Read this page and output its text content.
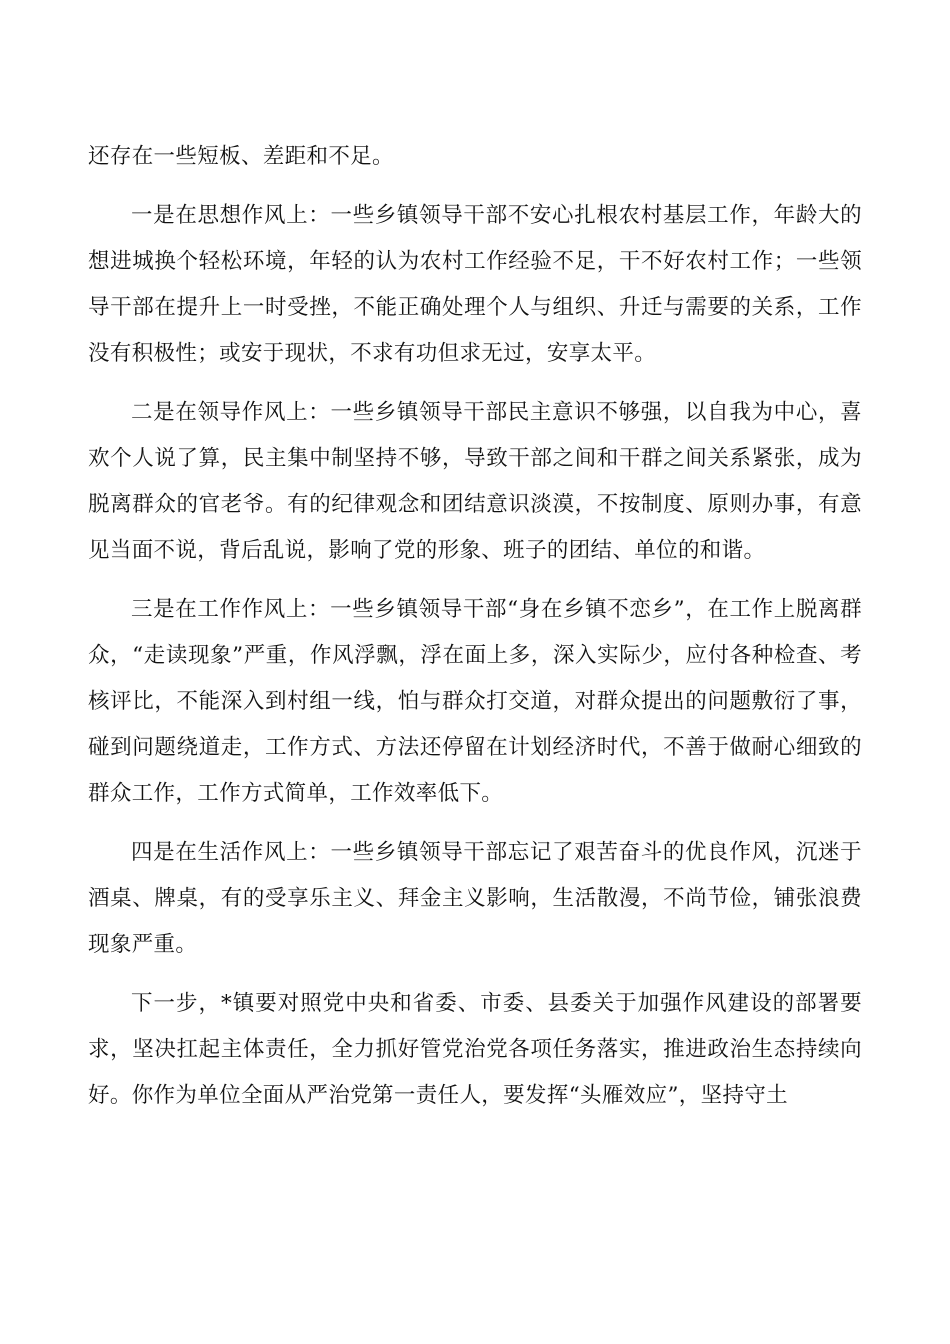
还存在一些短板、差距和不足。

一是在思想作风上：一些乡镇领导干部不安心扎根农村基层工作，年龄大的想进城换个轻松环境，年轻的认为农村工作经验不足，干不好农村工作；一些领导干部在提升上一时受挫，不能正确处理个人与组织、升迁与需要的关系，工作没有积极性；或安于现状，不求有功但求无过，安享太平。

二是在领导作风上：一些乡镇领导干部民主意识不够强，以自我为中心，喜欢个人说了算，民主集中制坚持不够，导致干部之间和干群之间关系紧张，成为脱离群众的官老爷。有的纪律观念和团结意识淡漠，不按制度、原则办事，有意见当面不说，背后乱说，影响了党的形象、班子的团结、单位的和谐。

三是在工作作风上：一些乡镇领导干部“身在乡镇不恋乡”，在工作上脱离群众，“走读现象”严重，作风浮飘，浮在面上多，深入实际少，应付各种检查、考核评比，不能深入到村组一线，怕与群众打交道，对群众提出的问题敷衍了事，碰到问题绕道走，工作方式、方法还停留在计划经济时代，不善于做耐心细致的群众工作，工作方式简单，工作效率低下。

四是在生活作风上：一些乡镇领导干部忘记了艰苦奋斗的优良作风，沉迷于酒桌、牌桌，有的受享乐主义、拜金主义影响，生活散漫，不尚节俭，铺张浪费现象严重。

下一步，*镇要对照党中央和省委、市委、县委关于加强作风建设的部署要求，坚决扛起主体责任，全力抓好管党治党各项任务落实，推进政治生态持续向好。你作为单位全面从严治党第一责任人，要发挥“头雁效应”，坚持守土
